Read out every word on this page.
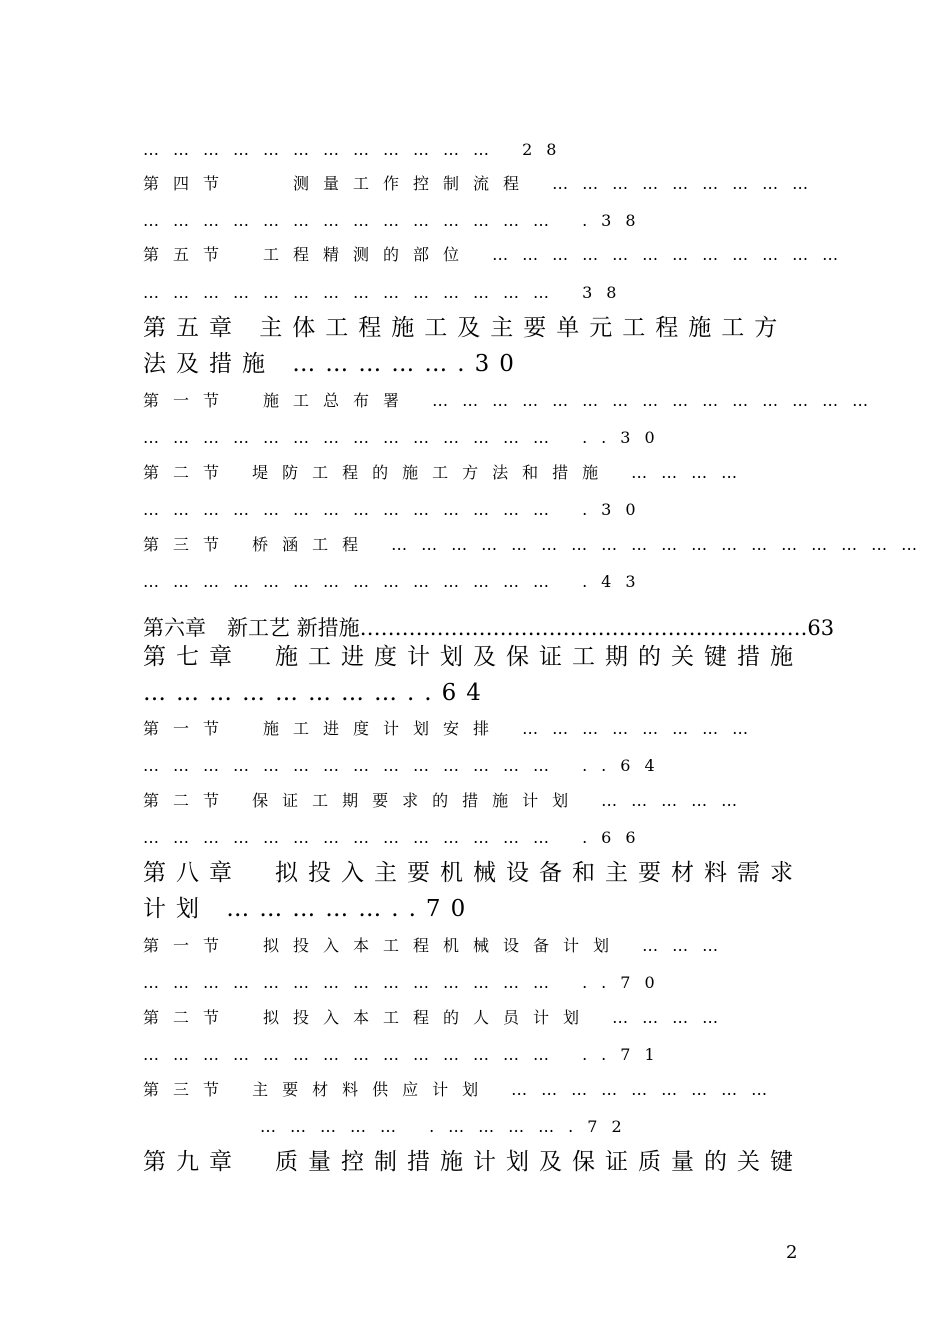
……………………………… 28
第四节　　测量工作控制流程 ………………………
…………………………………… .38
第五节　工程精测的部位 ………………………………
…………………………………… 38
第五章 主体工程施工及主要单元工程施工方
法及措施 …………….30
第一节　施工总布署 ………………………………………
…………………………………… ..30
第二节 堤防工程的施工方法和措施 …………
…………………………………… .30
第三节 桥涵工程 ………………………………………………
…………………………………… .43
第六章　新工艺 新措施……………………………………………………….63
第七章　施工进度计划及保证工期的关键措施
……………………..64
第一节　施工进度计划安排 ……………………
…………………………………… ..64
第二节 保证工期要求的措施计划 ……………
…………………………………… .66
第八章　拟投入主要机械设备和主要材料需求
计划 ……………..70
第一节　拟投入本工程机械设备计划 ………
…………………………………… ..70
第二节　拟投入本工程的人员计划 …………
…………………………………… ..71
第三节 主要材料供应计划 ………………………
…………… .………….72
第九章　质量控制措施计划及保证质量的关键
2
